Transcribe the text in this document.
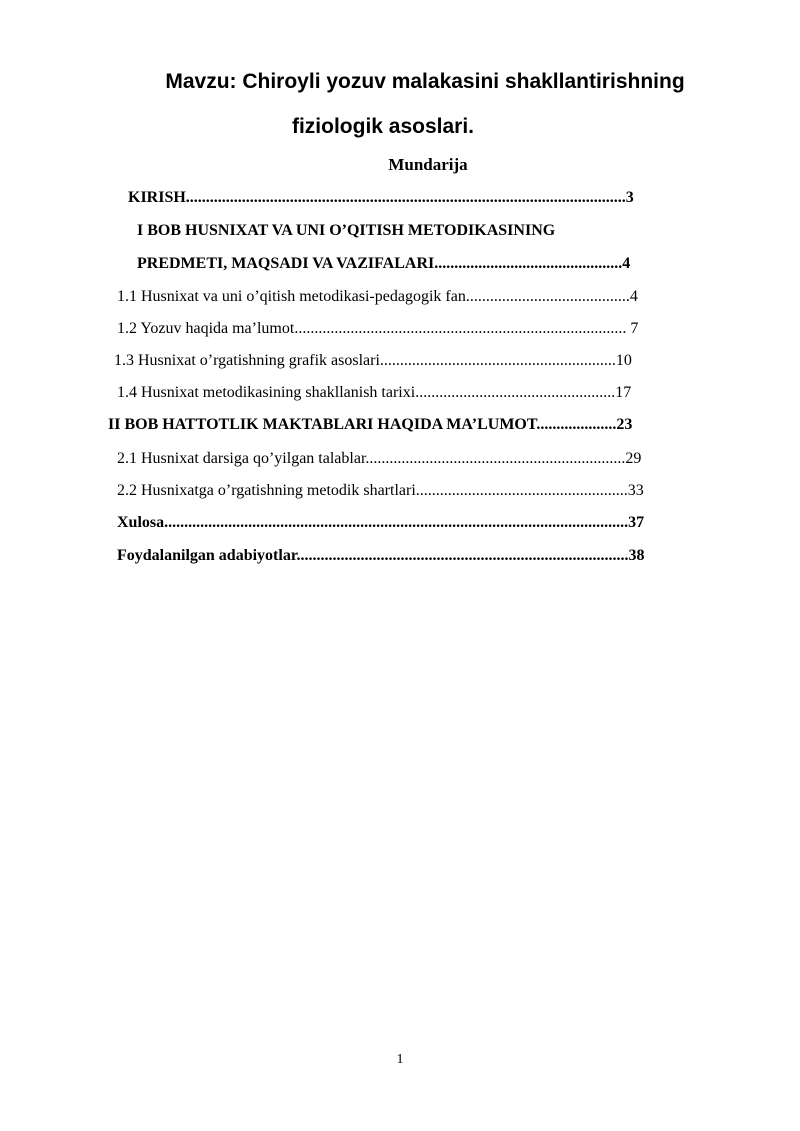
Mavzu: Chiroyli yozuv malakasini shakllantirishning
fiziologik asoslari.
Mundarija
KIRISH..............................................................................................................3
I BOB HUSNIXAT VA UNI O’QITISH METODIKASINING
PREDMETI, MAQSADI VA VAZIFALARI...............................................4
1.1 Husnixat va uni o’qitish metodikasi-pedagogik fan.........................................4
1.2 Yozuv haqida ma’lumot................................................................................... 7
1.3 Husnixat o’rgatishning grafik asoslari...........................................................10
1.4 Husnixat metodikasining shakllanish tarixi..................................................17
II BOB HATTOTLIK MAKTABLARI HAQIDA MA’LUMOT....................23
2.1 Husnixat darsiga qo’yilgan talablar.................................................................29
2.2 Husnixatga o’rgatishning metodik shartlari.....................................................33
Xulosa....................................................................................................................37
Foydalanilgan adabiyotlar...................................................................................38
1
